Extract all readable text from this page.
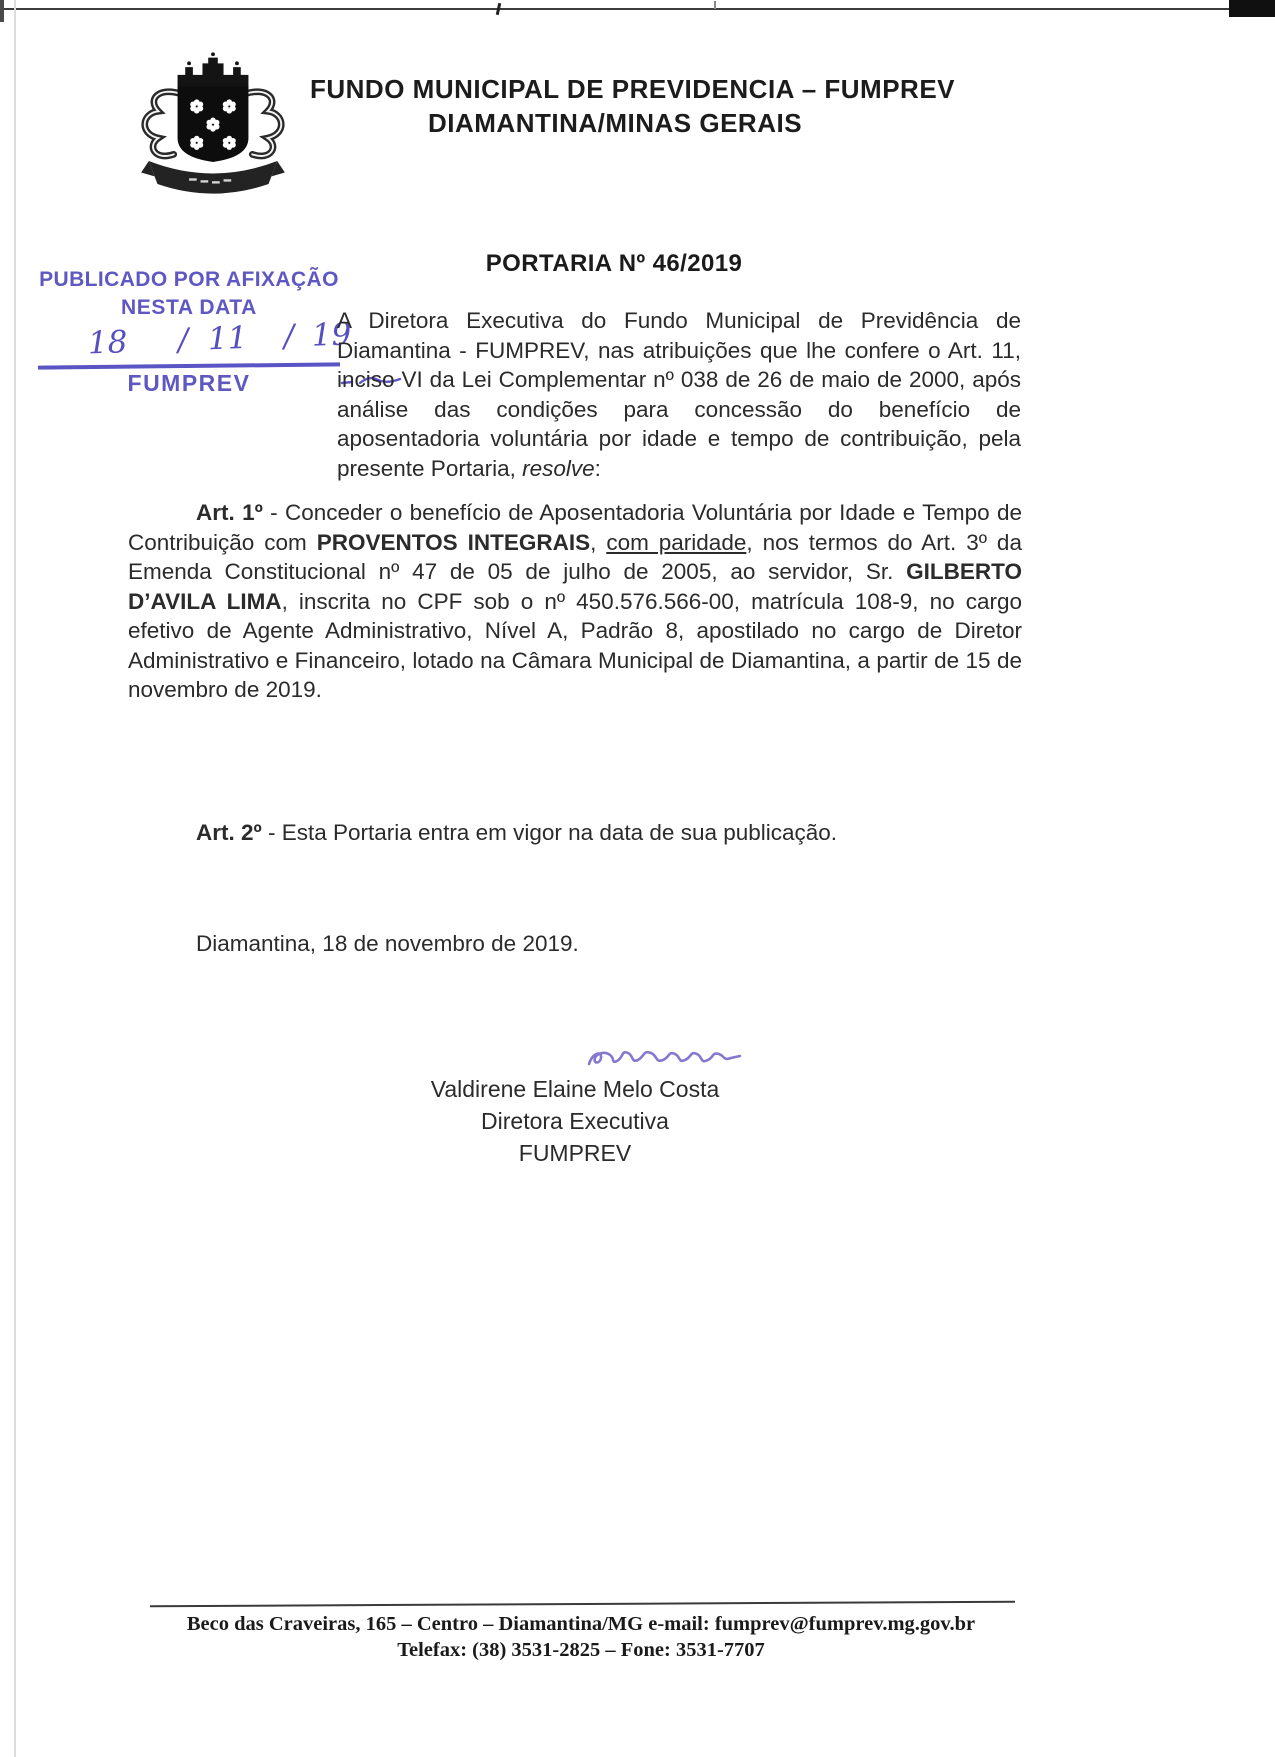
FUNDO MUNICIPAL DE PREVIDENCIA – FUMPREV
DIAMANTINA/MINAS GERAIS
PORTARIA Nº 46/2019
PUBLICADO POR AFIXAÇÃO
NESTA DATA
18 / 11 / 19
FUMPREV
A Diretora Executiva do Fundo Municipal de Previdência de Diamantina - FUMPREV, nas atribuições que lhe confere o Art. 11, inciso VI da Lei Complementar nº 038 de 26 de maio de 2000, após análise das condições para concessão do benefício de aposentadoria voluntária por idade e tempo de contribuição, pela presente Portaria, resolve:
Art. 1º - Conceder o benefício de Aposentadoria Voluntária por Idade e Tempo de Contribuição com PROVENTOS INTEGRAIS, com paridade, nos termos do Art. 3º da Emenda Constitucional nº 47 de 05 de julho de 2005, ao servidor, Sr. GILBERTO D’AVILA LIMA, inscrita no CPF sob o nº 450.576.566-00, matrícula 108-9, no cargo efetivo de Agente Administrativo, Nível A, Padrão 8, apostilado no cargo de Diretor Administrativo e Financeiro, lotado na Câmara Municipal de Diamantina, a partir de 15 de novembro de 2019.
Art. 2º - Esta Portaria entra em vigor na data de sua publicação.
Diamantina, 18 de novembro de 2019.
Valdirene Elaine Melo Costa
Diretora Executiva
FUMPREV
Beco das Craveiras, 165 – Centro – Diamantina/MG e-mail: fumprev@fumprev.mg.gov.br
Telefax: (38) 3531-2825 – Fone: 3531-7707
